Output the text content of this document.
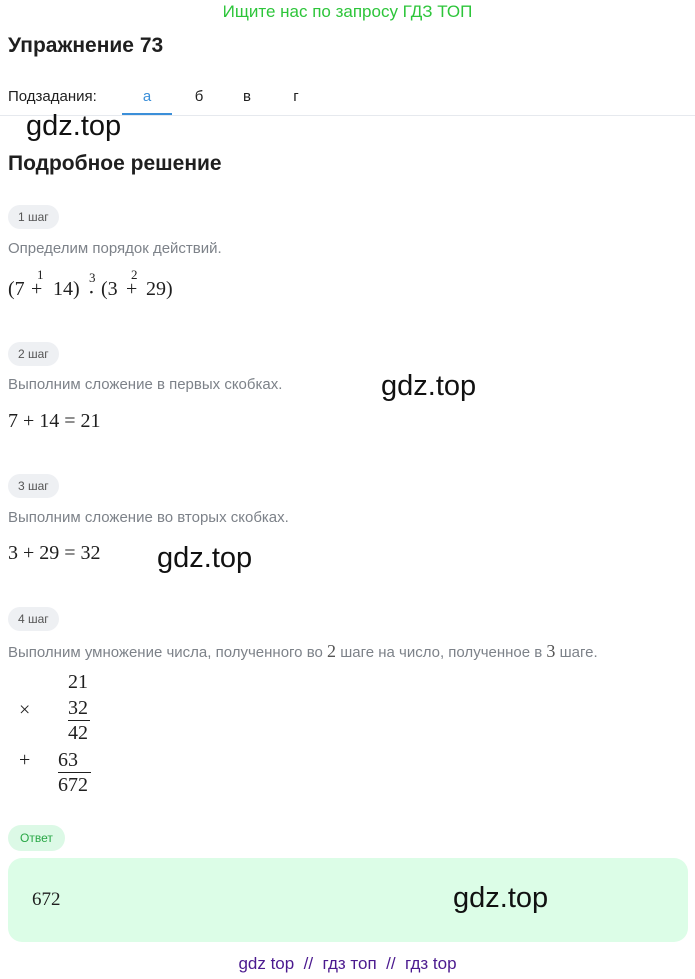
Ищите нас по запросу ГДЗ ТОП
Упражнение 73
Подзадания:	а	б	в	г
gdz.top
Подробное решение
1 шаг
Определим порядок действий.
(7 +
1
14)
3
⋅ (3 +
2
29)
2 шаг
Выполним сложение в первых скобках.
7 + 14 = 21
gdz.top
3 шаг
Выполним сложение во вторых скобках.
3 + 29 = 32 gdz.top
4 шаг
Выполним умножение числа, полученного во 2 шаге на число, полученное в 3 шаге.
21
× 32
42
+ 63
672
Ответ
672	gdz.top
gdz top  //  гдз топ  //  гдз top
